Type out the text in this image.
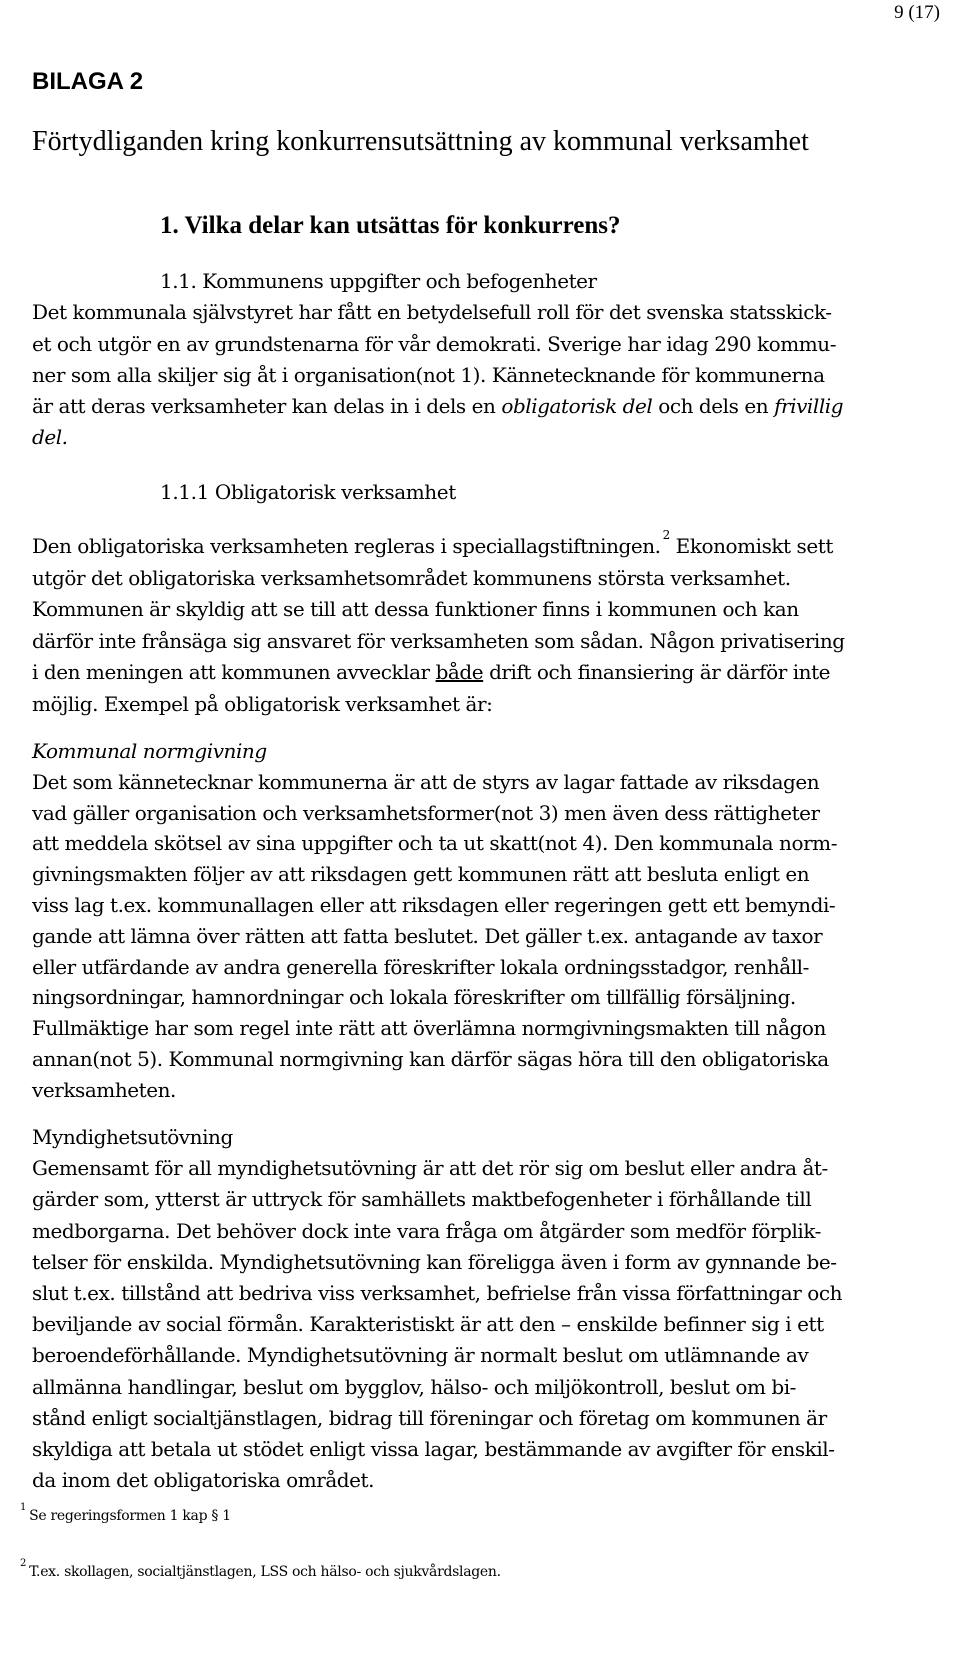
9 (17)
BILAGA 2
Förtydliganden kring konkurrensutsättning av kommunal verksamhet
1. Vilka delar kan utsättas för konkurrens?
1.1. Kommunens uppgifter och befogenheter
Det kommunala självstyret har fått en betydelsefull roll för det svenska statsskick-
et och utgör en av grundstenarna för vår demokrati. Sverige har idag 290 kommu-
ner som alla skiljer sig åt i organisation(not 1). Kännetecknande för kommunerna
är att deras verksamheter kan delas in i dels en obligatorisk del och dels en frivillig
del.
1.1.1 Obligatorisk verksamhet
Den obligatoriska verksamheten regleras i speciallagstiftningen. $^2$ Ekonomiskt sett
utgör det obligatoriska verksamhetsområdet kommunens största verksamhet.
Kommunen är skyldig att se till att dessa funktioner finns i kommunen och kan
därför inte frånsäga sig ansvaret för verksamheten som sådan. Någon privatisering
i den meningen att kommunen avvecklar både drift och finansiering är därför inte
möjlig. Exempel på obligatorisk verksamhet är:
Kommunal normgivning
Det som kännetecknar kommunerna är att de styrs av lagar fattade av riksdagen
vad gäller organisation och verksamhetsformer(not 3) men även dess rättigheter
att meddela skötsel av sina uppgifter och ta ut skatt(not 4). Den kommunala norm-
givningsmakten följer av att riksdagen gett kommunen rätt att besluta enligt en
viss lag t.ex. kommunallagen eller att riksdagen eller regeringen gett ett bemyndi-
gande att lämna över rätten att fatta beslutet. Det gäller t.ex. antagande av taxor
eller utfärdande av andra generella föreskrifter lokala ordningsstadgor, renhåll-
ningsordningar, hamnordningar och lokala föreskrifter om tillfällig försäljning.
Fullmäktige har som regel inte rätt att överlämna normgivningsmakten till någon
annan(not 5). Kommunal normgivning kan därför sägas höra till den obligatoriska
verksamheten.
Myndighetsutövning
Gemensamt för all myndighetsutövning är att det rör sig om beslut eller andra åt-
gärder som, ytterst är uttryck för samhällets maktbefogenheter i förhållande till
medborgarna. Det behöver dock inte vara fråga om åtgärder som medför förplik-
telser för enskilda. Myndighetsutövning kan föreligga även i form av gynnande be-
slut t.ex. tillstånd att bedriva viss verksamhet, befrielse från vissa författningar och
beviljande av social förmån. Karakteristiskt är att den – enskilde befinner sig i ett
beroendeförhållande. Myndighetsutövning är normalt beslut om utlämnande av
allmänna handlingar, beslut om bygglov, hälso- och miljökontroll, beslut om bi-
stånd enligt socialtjänstlagen, bidrag till föreningar och företag om kommunen är
skyldiga att betala ut stödet enligt vissa lagar, bestämmande av avgifter för enskil-
da inom det obligatoriska området.
$^1$Se regeringsformen 1 kap § 1
$^2$T.ex. skollagen, socialtjänstlagen, LSS och hälso- och sjukvårdslagen.
